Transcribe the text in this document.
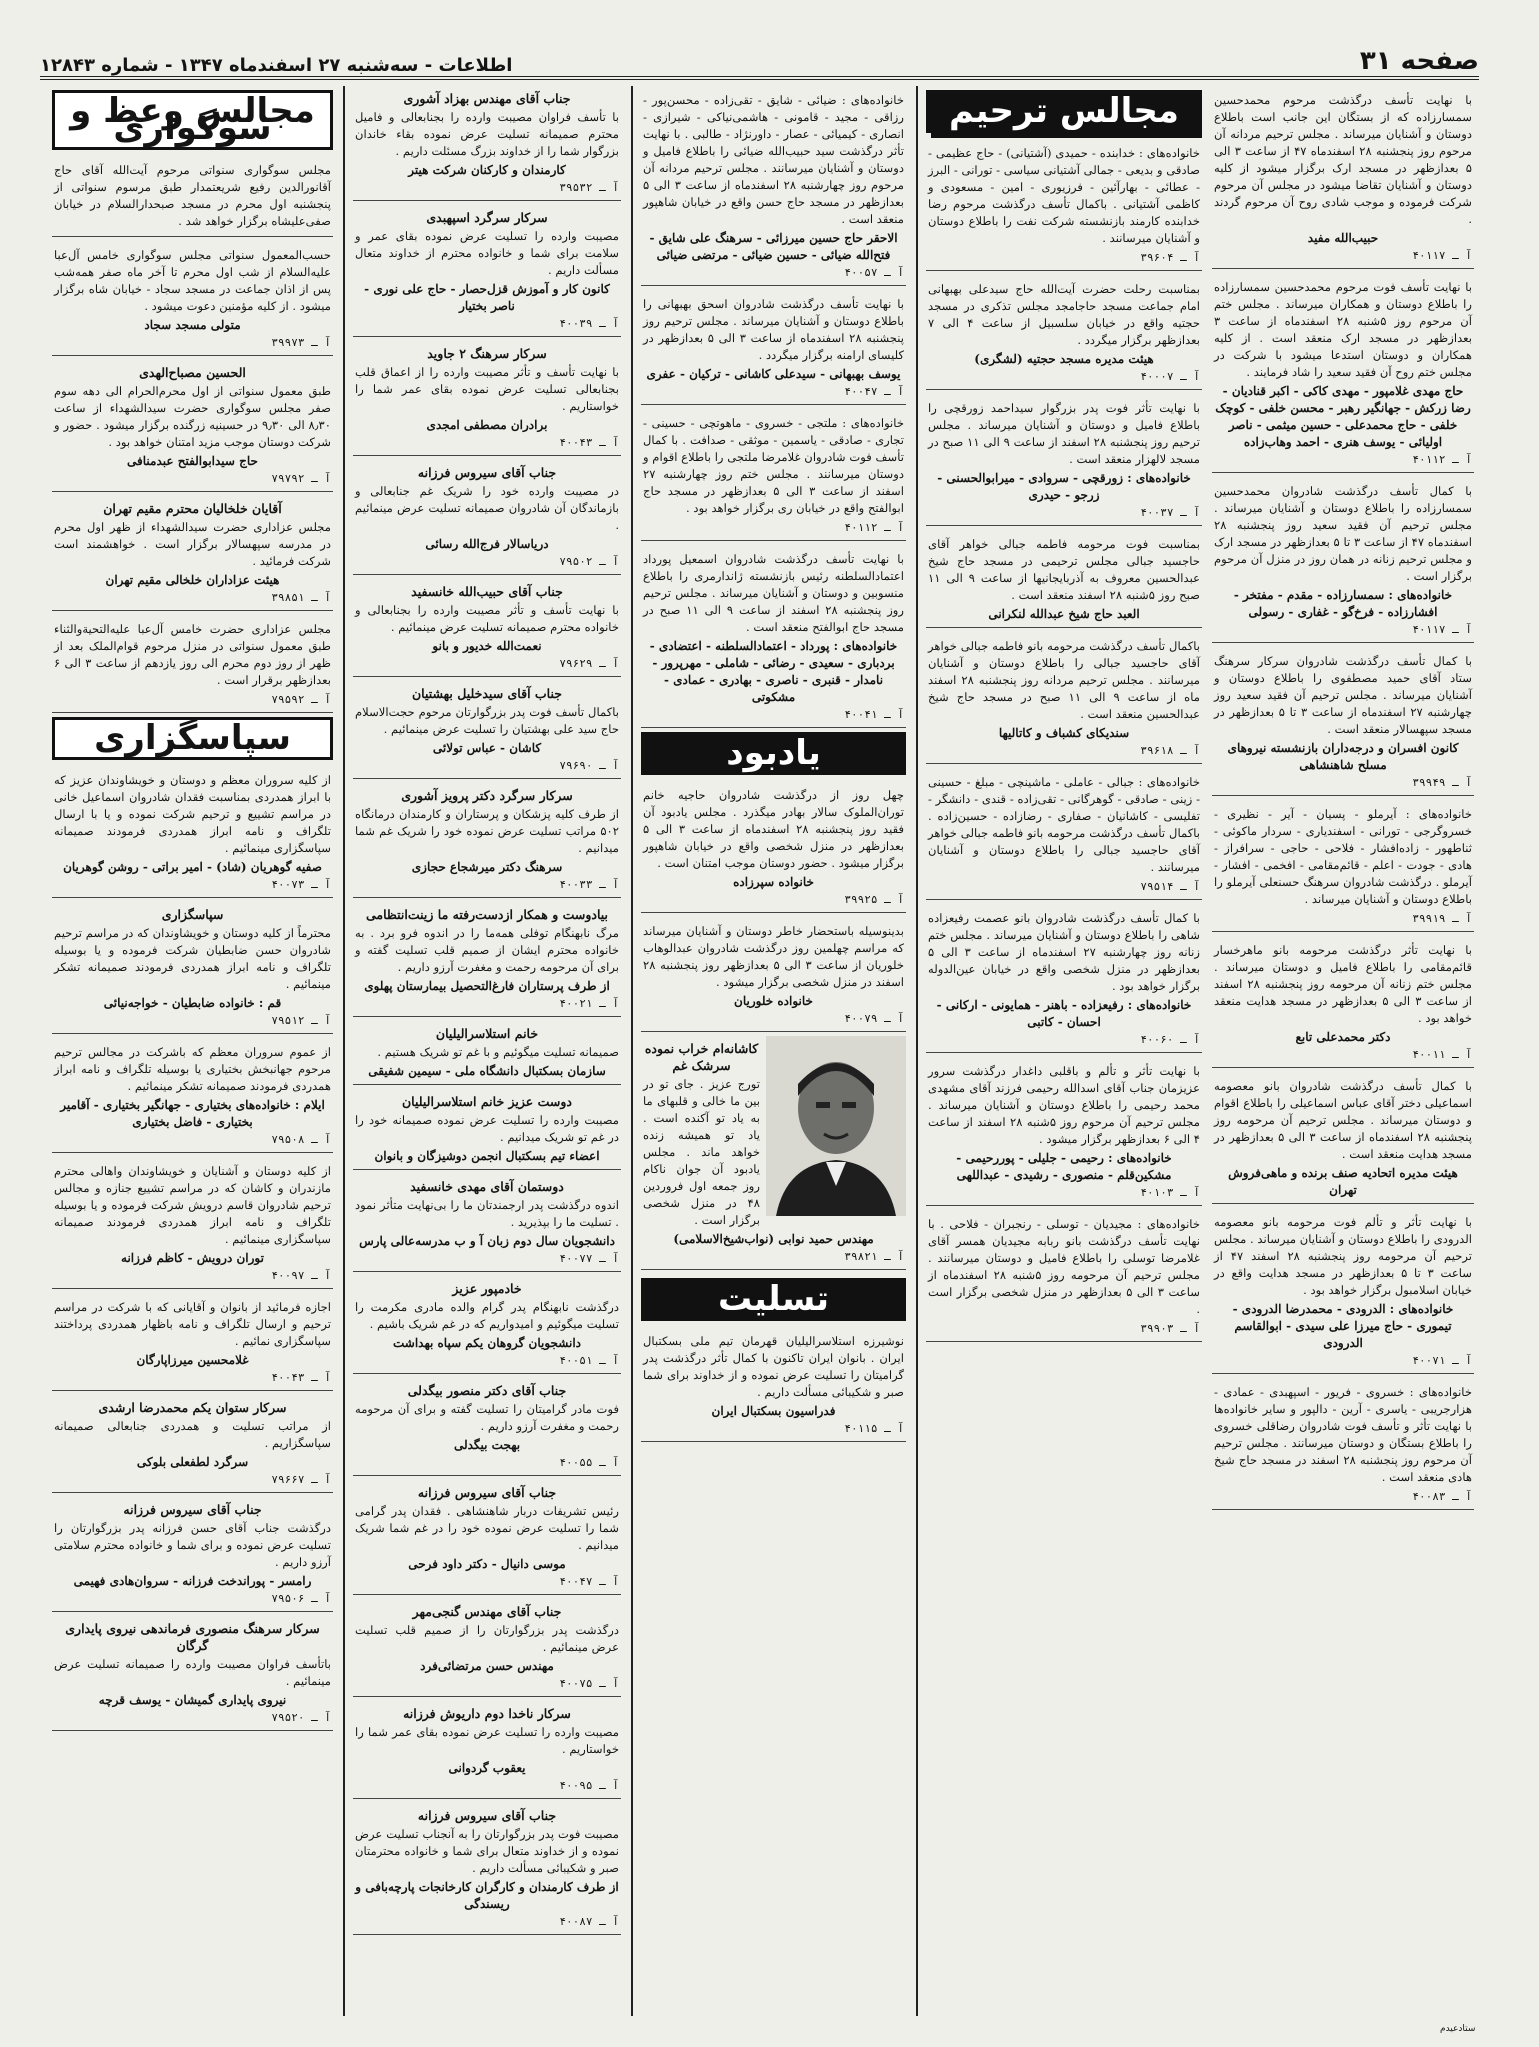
صفحه ۳۱
اطلاعات - سه‌شنبه ۲۷ اسفندماه ۱۳۴۷ - شماره ۱۲۸۴۳
با نهایت تأسف درگذشت مرحوم محمدحسین سمسارزاده که از بستگان این جانب است باطلاع دوستان و آشنایان میرساند . مجلس ترحیم مردانه آن مرحوم روز پنجشنبه ۲۸ اسفندماه ۴۷ از ساعت ۳ الی ۵ بعدازظهر در مسجد ارک برگزار میشود از کلیه دوستان و آشنایان تقاضا میشود در مجلس آن مرحوم شرکت فرموده و موجب شادی روح آن مرحوم گردند .
حبیب‌الله مفید
آ ـ ۴۰۱۱۷
با نهایت تأسف فوت مرحوم محمدحسین سمسارزاده را باطلاع دوستان و همکاران میرساند . مجلس ختم آن مرحوم روز ۵شنبه ۲۸ اسفندماه از ساعت ۳ بعدازظهر در مسجد ارک منعقد است . از کلیه همکاران و دوستان استدعا میشود با شرکت در مجلس ختم روح آن فقید سعید را شاد فرمایند .
حاج مهدی غلامپور - مهدی کاکی - اکبر قنادیان - رضا زرکش - جهانگیر رهبر - محسن خلفی - کوچک خلفی - حاج محمدعلی - حسین میثمی - ناصر اولیائی - یوسف هنری - احمد وهاب‌زاده
آ ـ ۴۰۱۱۲
با کمال تأسف درگذشت شادروان محمدحسین سمسارزاده را باطلاع دوستان و آشنایان میرساند . مجلس ترحیم آن فقید سعید روز پنجشنبه ۲۸ اسفندماه ۴۷ از ساعت ۳ تا ۵ بعدازظهر در مسجد ارک و مجلس ترحیم زنانه در همان روز در منزل آن مرحوم برگزار است .
خانواده‌های : سمسارزاده - مقدم - مفتخر - افشارزاده - فرخ‌گو - غفاری - رسولی
آ ـ ۴۰۱۱۷
با کمال تأسف درگذشت شادروان سرکار سرهنگ ستاد آقای حمید مصطفوی را باطلاع دوستان و آشنایان میرساند . مجلس ترحیم آن فقید سعید روز چهارشنبه ۲۷ اسفندماه از ساعت ۳ تا ۵ بعدازظهر در مسجد سپهسالار منعقد است .
کانون افسران و درجه‌داران بازنشسته نیروهای مسلح شاهنشاهی
آ ـ ۳۹۹۴۹
خانواده‌های : آیرملو - پسیان - آیر - نظیری - خسروگرجی - تورانی - اسفندیاری - سردار ماکوئی - ثناطهور - زاده‌افشار - فلاحی - حاجی - سرافراز - هادی - جودت - اعلم - قائم‌مقامی - افخمی - افشار - آیرملو . درگذشت شادروان سرهنگ حسنعلی آیرملو را باطلاع دوستان و آشنایان میرساند .
آ ـ ۳۹۹۱۹
با نهایت تأثر درگذشت مرحومه بانو ماهرخسار قائم‌مقامی را باطلاع فامیل و دوستان میرساند . مجلس ختم زنانه آن مرحومه روز پنجشنبه ۲۸ اسفند از ساعت ۳ الی ۵ بعدازظهر در مسجد هدایت منعقد خواهد بود .
دکتر محمدعلی تابع
آ ـ ۴۰۰۱۱
با کمال تأسف درگذشت شادروان بانو معصومه اسماعیلی دختر آقای عباس اسماعیلی را باطلاع اقوام و دوستان میرساند . مجلس ترحیم آن مرحومه روز پنجشنبه ۲۸ اسفندماه از ساعت ۳ الی ۵ بعدازظهر در مسجد هدایت منعقد است .
هیئت مدیره اتحادیه صنف برنده و ماهی‌فروش تهران
با نهایت تأثر و تألم فوت مرحومه بانو معصومه الدرودی را باطلاع دوستان و آشنایان میرساند . مجلس ترحیم آن مرحومه روز پنجشنبه ۲۸ اسفند ۴۷ از ساعت ۳ تا ۵ بعدازظهر در مسجد هدایت واقع در خیابان اسلامبول برگزار خواهد بود .
خانواده‌های : الدرودی - محمدرضا الدرودی - تیموری - حاج میرزا علی سیدی - ابوالقاسم الدرودی
آ ـ ۴۰۰۷۱
خانواده‌های : خسروی - فریور - اسپهبدی - عمادی - هزارجریبی - یاسری - آرین - دالپور و سایر خانواده‌ها با نهایت تأثر و تأسف فوت شادروان رضاقلی خسروی را باطلاع بستگان و دوستان میرسانند . مجلس ترحیم آن مرحوم روز پنجشنبه ۲۸ اسفند در مسجد حاج شیخ هادی منعقد است .
آ ـ ۴۰۰۸۳
مجالس ترحیم
خانواده‌های : خدابنده - حمیدی (آشتیانی) - حاج عظیمی - صادقی و بدیعی - جمالی آشتیانی سیاسی - تورانی - البرز - عطائی - بهارآئین - فرزیوری - امین - مسعودی و کاظمی آشتیانی . باکمال تأسف درگذشت مرحوم رضا خدابنده کارمند بازنشسته شرکت نفت را باطلاع دوستان و آشنایان میرسانند .
آ ـ ۳۹۶۰۴
بمناسبت رحلت حضرت آیت‌الله حاج سیدعلی بهبهانی امام جماعت مسجد حاجامجد مجلس تذکری در مسجد حجتیه واقع در خیابان سلسبیل از ساعت ۴ الی ۷ بعدازظهر برگزار میگردد .
هیئت مدیره مسجد حجتیه (لشگری)
آ ـ ۴۰۰۰۷
با نهایت تأثر فوت پدر بزرگوار سیداحمد زورقچی را باطلاع فامیل و دوستان و آشنایان میرساند . مجلس ترحیم روز پنجشنبه ۲۸ اسفند از ساعت ۹ الی ۱۱ صبح در مسجد لالهزار منعقد است .
خانواده‌های : زورقچی - سروادی - میرابوالحسنی - زرجو - حیدری
آ ـ ۴۰۰۳۷
بمناسبت فوت مرحومه فاطمه جبالی خواهر آقای حاجسید جبالی مجلس ترحیمی در مسجد حاج شیخ عبدالحسین معروف به آذربایجانیها از ساعت ۹ الی ۱۱ صبح روز ۵شنبه ۲۸ اسفند منعقد است .
العبد حاج شیخ عبدالله لنکرانی
باکمال تأسف درگذشت مرحومه بانو فاطمه جبالی خواهر آقای حاجسید جبالی را باطلاع دوستان و آشنایان میرسانند . مجلس ترحیم مردانه روز پنجشنبه ۲۸ اسفند ماه از ساعت ۹ الی ۱۱ صبح در مسجد حاج شیخ عبدالحسین منعقد است .
سندیکای کشباف و کاتالیها
آ ـ ۳۹۶۱۸
خانواده‌های : جبالی - عاملی - ماشینچی - مبلغ - حسینی - زینی - صادقی - گوهرگانی - تقی‌زاده - قندی - دانشگر - تفلیسی - کاشانیان - صفاری - رضازاده - حسین‌زاده . باکمال تأسف درگذشت مرحومه بانو فاطمه جبالی خواهر آقای حاجسید جبالی را باطلاع دوستان و آشنایان میرسانند .
آ ـ ۷۹۵۱۴
با کمال تأسف درگذشت شادروان بانو عصمت رفیعزاده شاهی را باطلاع دوستان و آشنایان میرساند . مجلس ختم زنانه روز چهارشنبه ۲۷ اسفندماه از ساعت ۳ الی ۵ بعدازظهر در منزل شخصی واقع در خیابان عین‌الدوله برگزار خواهد بود .
خانواده‌های : رفیعزاده - باهنر - همایونی - ارکانی - احسان - کاتبی
آ ـ ۴۰۰۶۰
با نهایت تأثر و تألم و باقلبی داغدار درگذشت سرور عزیزمان جناب آقای اسدالله رحیمی فرزند آقای مشهدی محمد رحیمی را باطلاع دوستان و آشنایان میرساند . مجلس ترحیم آن مرحوم روز ۵شنبه ۲۸ اسفند از ساعت ۴ الی ۶ بعدازظهر برگزار میشود .
خانواده‌های : رحیمی - جلیلی - پوررحیمی - مشکین‌قلم - منصوری - رشیدی - عبداللهی
آ ـ ۴۰۱۰۳
خانواده‌های : مجیدیان - توسلی - رنجبران - فلاحی . با نهایت تأسف درگذشت بانو ربابه مجیدیان همسر آقای غلامرضا توسلی را باطلاع فامیل و دوستان میرسانند . مجلس ترحیم آن مرحومه روز ۵شنبه ۲۸ اسفندماه از ساعت ۳ الی ۵ بعدازظهر در منزل شخصی برگزار است .
آ ـ ۳۹۹۰۳
خانواده‌های : ضیائی - شایق - تقی‌زاده - محسن‌پور - رزاقی - مجید - قامونی - هاشمی‌نیاکی - شیرازی - انصاری - کیمیائی - عصار - داورنژاد - طالبی . با نهایت تأثر درگذشت سید حبیب‌الله ضیائی را باطلاع فامیل و دوستان و آشنایان میرسانند . مجلس ترحیم مردانه آن مرحوم روز چهارشنبه ۲۸ اسفندماه از ساعت ۳ الی ۵ بعدازظهر در مسجد حاج حسن واقع در خیابان شاهپور منعقد است .
الاحقر حاج حسین میرزائی - سرهنگ علی شایق - فتح‌الله ضیائی - حسین ضیائی - مرتضی ضیائی
آ ـ ۴۰۰۵۷
با نهایت تأسف درگذشت شادروان اسحق بهبهانی را باطلاع دوستان و آشنایان میرساند . مجلس ترحیم روز پنجشنبه ۲۸ اسفندماه از ساعت ۳ الی ۵ بعدازظهر در کلیسای ارامنه برگزار میگردد .
یوسف بهبهانی - سیدعلی کاشانی - ترکیان - عفری
آ ـ ۴۰۰۴۷
خانواده‌های : ملتجی - خسروی - ماهوتچی - حسینی - تجاری - صادقی - یاسمین - موثقی - صدافت . با کمال تأسف فوت شادروان غلامرضا ملتجی را باطلاع اقوام و دوستان میرسانند . مجلس ختم روز چهارشنبه ۲۷ اسفند از ساعت ۳ الی ۵ بعدازظهر در مسجد حاج ابوالفتح واقع در خیابان ری برگزار خواهد بود .
آ ـ ۴۰۱۱۲
با نهایت تأسف درگذشت شادروان اسمعیل پورداد اعتمادالسلطنه رئیس بازنشسته ژاندارمری را باطلاع منسوبین و دوستان و آشنایان میرساند . مجلس ترحیم روز پنجشنبه ۲۸ اسفند از ساعت ۹ الی ۱۱ صبح در مسجد حاج ابوالفتح منعقد است .
خانواده‌های : پورداد - اعتمادالسلطنه - اعتضادی - بردباری - سعیدی - رضائی - شاملی - مهرپرور - نامدار - قنبری - ناصری - بهادری - عمادی - مشکوتی
آ ـ ۴۰۰۴۱
یادبود
چهل روز از درگذشت شادروان حاجیه خانم توران‌الملوک سالار بهادر میگذرد . مجلس یادبود آن فقید روز پنجشنبه ۲۸ اسفندماه از ساعت ۳ الی ۵ بعدازظهر در منزل شخصی واقع در خیابان شاهپور برگزار میشود . حضور دوستان موجب امتنان است .
خانواده سپرزاده
آ ـ ۳۹۹۲۵
بدینوسیله باستحضار خاطر دوستان و آشنایان میرساند که مراسم چهلمین روز درگذشت شادروان عبدالوهاب خلوریان از ساعت ۳ الی ۵ بعدازظهر روز پنجشنبه ۲۸ اسفند در منزل شخصی برگزار میشود .
خانواده خلوریان
آ ـ ۴۰۰۷۹
کاشانه‌ام خراب نموده سرشک غم
تورج عزیز . جای تو در بین ما خالی و قلبهای ما به یاد تو آکنده است . یاد تو همیشه زنده خواهد ماند . مجلس یادبود آن جوان ناکام روز جمعه اول فروردین ۴۸ در منزل شخصی برگزار است .
مهندس حمید نوابی (نواب‌شیخ‌الاسلامی)
آ ـ ۳۹۸۲۱
تسلیت
نوشیرزه استلاسرالیلیان قهرمان تیم ملی بسکتبال ایران . بانوان ایران تاکنون با کمال تأثر درگذشت پدر گرامیتان را تسلیت عرض نموده و از خداوند برای شما صبر و شکیبائی مسألت داریم .
فدراسیون بسکتبال ایران
آ ـ ۴۰۱۱۵
جناب آقای مهندس بهزاد آشوری
با تأسف فراوان مصیبت وارده را بجنابعالی و فامیل محترم صمیمانه تسلیت عرض نموده بقاء خاندان بزرگوار شما را از خداوند بزرگ مسئلت داریم .
کارمندان و کارکنان شرکت هیتر
آ ـ ۳۹۵۳۲
سرکار سرگرد اسپهبدی
مصیبت وارده را تسلیت عرض نموده بقای عمر و سلامت برای شما و خانواده محترم از خداوند متعال مسألت داریم .
کانون کار و آموزش قزل‌حصار - حاج علی نوری - ناصر بختیار
آ ـ ۴۰۰۳۹
سرکار سرهنگ ۲ جاوید
با نهایت تأسف و تأثر مصیبت وارده را از اعماق قلب بجنابعالی تسلیت عرض نموده بقای عمر شما را خواستاریم .
برادران مصطفی امجدی
آ ـ ۴۰۰۴۳
جناب آقای سیروس فرزانه
در مصیبت وارده خود را شریک غم جنابعالی و بازماندگان آن شادروان صمیمانه تسلیت عرض مینمائیم .
دریاسالار فرج‌الله رسائی
آ ـ ۷۹۵۰۲
جناب آقای حبیب‌الله خانسفید
با نهایت تأسف و تأثر مصیبت وارده را بجنابعالی و خانواده محترم صمیمانه تسلیت عرض مینمائیم .
نعمت‌الله خدیور و بانو
آ ـ ۷۹۶۲۹
جناب آقای سیدخلیل بهشتیان
باکمال تأسف فوت پدر بزرگوارتان مرحوم حجت‌الاسلام حاج سید علی بهشتیان را تسلیت عرض مینمائیم .
کاشان - عباس تولائی
آ ـ ۷۹۶۹۰
سرکار سرگرد دکتر پرویز آشوری
از طرف کلیه پزشکان و پرستاران و کارمندان درمانگاه ۵۰۲ مراتب تسلیت عرض نموده خود را شریک غم شما میدانیم .
سرهنگ دکتر میرشجاع حجازی
آ ـ ۴۰۰۳۳
بیادوست و همکار ازدست‌رفته ما زینت‌انتظامی
مرگ نابهنگام توفلی همه‌ما را در اندوه فرو برد . به خانواده محترم ایشان از صمیم قلب تسلیت گفته و برای آن مرحومه رحمت و مغفرت آرزو داریم .
از طرف پرستاران فارغ‌التحصیل بیمارستان پهلوی
آ ـ ۴۰۰۲۱
خانم استلاسرالیلیان
صمیمانه تسلیت میگوئیم و با غم تو شریک هستیم .
سازمان بسکتبال دانشگاه ملی - سیمین شفیقی
دوست عزیز خانم استلاسرالیلیان
مصیبت وارده را تسلیت عرض نموده صمیمانه خود را در غم تو شریک میدانیم .
اعضاء تیم بسکتبال انجمن دوشیزگان و بانوان
دوستمان آقای مهدی خانسفید
اندوه درگذشت پدر ارجمندتان ما را بی‌نهایت متأثر نمود . تسلیت ما را بپذیرید .
دانشجویان سال دوم زبان آ و ب مدرسه‌عالی پارس
آ ـ ۴۰۰۷۷
خادمپور عزیز
درگذشت نابهنگام پدر گرام والده مادری مکرمت را تسلیت میگوئیم و امیدواریم که در غم شریک باشیم .
دانشجویان گروهان یکم سپاه بهداشت
آ ـ ۴۰۰۵۱
جناب آقای دکتر منصور بیگدلی
فوت مادر گرامیتان را تسلیت گفته و برای آن مرحومه رحمت و مغفرت آرزو داریم .
بهجت بیگدلی
آ ـ ۴۰۰۵۵
جناب آقای سیروس فرزانه
رئیس تشریفات دربار شاهنشاهی . فقدان پدر گرامی شما را تسلیت عرض نموده خود را در غم شما شریک میدانیم .
موسی دانیال - دکتر داود فرحی
آ ـ ۴۰۰۴۷
جناب آقای مهندس گنجی‌مهر
درگذشت پدر بزرگوارتان را از صمیم قلب تسلیت عرض مینمائیم .
مهندس حسن مرتضائی‌فرد
آ ـ ۴۰۰۷۵
سرکار ناخدا دوم داریوش فرزانه
مصیبت وارده را تسلیت عرض نموده بقای عمر شما را خواستاریم .
یعقوب گردوانی
آ ـ ۴۰۰۹۵
جناب آقای سیروس فرزانه
مصیبت فوت پدر بزرگوارتان را به آنجناب تسلیت عرض نموده و از خداوند متعال برای شما و خانواده محترمتان صبر و شکیبائی مسألت داریم .
از طرف کارمندان و کارگران کارخانجات پارچه‌بافی و ریسندگی
آ ـ ۴۰۰۸۷
مجالس وعظ و سوگواری
مجلس سوگواری سنواتی مرحوم آیت‌الله آقای حاج آقانورالدین رفیع شریعتمدار طبق مرسوم سنواتی از پنجشنبه اول محرم در مسجد صبحدارالسلام در خیابان صفی‌علیشاه برگزار خواهد شد .
حسب‌المعمول سنواتی مجلس سوگواری خامس آل‌عبا علیه‌السلام از شب اول محرم تا آخر ماه صفر همه‌شب پس از اذان جماعت در مسجد سجاد - خیابان شاه برگزار میشود . از کلیه مؤمنین دعوت میشود .
متولی مسجد سجاد
آ ـ ۳۹۹۷۳
الحسین مصباح‌الهدی
طبق معمول سنواتی از اول محرم‌الحرام الی دهه سوم صفر مجلس سوگواری حضرت سیدالشهداء از ساعت ۸٫۳۰ الی ۹٫۳۰ در حسینیه زرگنده برگزار میشود . حضور و شرکت دوستان موجب مزید امتنان خواهد بود .
حاج سیدابوالفتح عبدمنافی
آ ـ ۷۹۷۹۲
آقایان خلخالیان محترم مقیم تهران
مجلس عزاداری حضرت سیدالشهداء از ظهر اول محرم در مدرسه سپهسالار برگزار است . خواهشمند است شرکت فرمائید .
هیئت عزاداران خلخالی مقیم تهران
آ ـ ۳۹۸۵۱
مجلس عزاداری حضرت خامس آل‌عبا علیه‌التحیة‌والثناء طبق معمول سنواتی در منزل مرحوم قوام‌الملک بعد از ظهر از روز دوم محرم الی روز یازدهم از ساعت ۳ الی ۶ بعدازظهر برقرار است .
آ ـ ۷۹۵۹۲
سپاسگزاری
از کلیه سروران معظم و دوستان و خویشاوندان عزیز که با ابراز همدردی بمناسبت فقدان شادروان اسماعیل خانی در مراسم تشییع و ترحیم شرکت نموده و یا با ارسال تلگراف و نامه ابراز همدردی فرمودند صمیمانه سپاسگزاری مینمائیم .
صفیه گوهریان (شاد) - امیر براتی - روشن گوهریان
آ ـ ۴۰۰۷۳
سپاسگزاری
محترماً از کلیه دوستان و خویشاوندان که در مراسم ترحیم شادروان حسن ضابطیان شرکت فرموده و یا بوسیله تلگراف و نامه ابراز همدردی فرمودند صمیمانه تشکر مینمائیم .
قم : خانواده ضابطیان - خواجه‌نیائی
آ ـ ۷۹۵۱۲
از عموم سروران معظم که باشرکت در مجالس ترحیم مرحوم جهانبخش بختیاری یا بوسیله تلگراف و نامه ابراز همدردی فرمودند صمیمانه تشکر مینمائیم .
ایلام : خانواده‌های بختیاری - جهانگیر بختیاری - آقامیر بختیاری - فاضل بختیاری
آ ـ ۷۹۵۰۸
از کلیه دوستان و آشنایان و خویشاوندان واهالی محترم مازندران و کاشان که در مراسم تشییع جنازه و مجالس ترحیم شادروان قاسم درویش شرکت فرموده و یا بوسیله تلگراف و نامه ابراز همدردی فرمودند صمیمانه سپاسگزاری مینمائیم .
توران درویش - کاظم فرزانه
آ ـ ۴۰۰۹۷
اجازه فرمائید از بانوان و آقایانی که با شرکت در مراسم ترحیم و ارسال تلگراف و نامه باظهار همدردی پرداختند سپاسگزاری نمائیم .
غلامحسین میرزاپارگان
آ ـ ۴۰۰۴۳
سرکار ستوان یکم محمدرضا ارشدی
از مراتب تسلیت و همدردی جنابعالی صمیمانه سپاسگزاریم .
سرگرد لطفعلی بلوکی
آ ـ ۷۹۶۶۷
جناب آقای سیروس فرزانه
درگذشت جناب آقای حسن فرزانه پدر بزرگوارتان را تسلیت عرض نموده و برای شما و خانواده محترم سلامتی آرزو داریم .
رامسر - پوراندخت فرزانه - سروان‌هادی فهیمی
آ ـ ۷۹۵۰۶
سرکار سرهنگ منصوری فرماندهی نیروی پایداری گرگان
باتأسف فراوان مصیبت وارده را صمیمانه تسلیت عرض مینمائیم .
نیروی پایداری گمیشان - یوسف قرچه
آ ـ ۷۹۵۲۰
ستادعیدم
